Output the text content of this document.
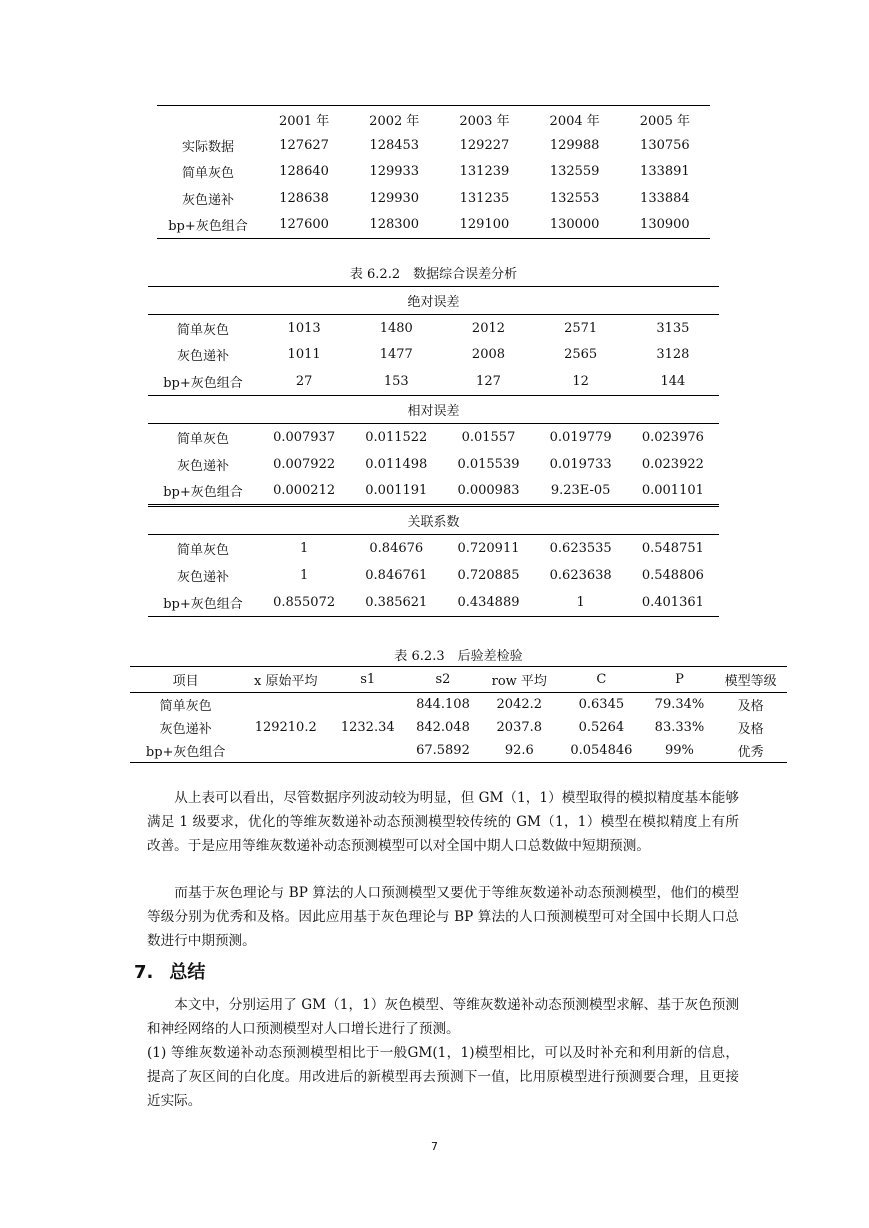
	2001 年	2002 年	2003 年	2004 年	2005 年
实际数据	127627	128453	129227	129988	130756
简单灰色	128640	129933	131239	132559	133891
灰色递补	128638	129930	131235	132553	133884
bp+灰色组合	127600	128300	129100	130000	130900
表 6.2.2　数据综合误差分析
绝对误差					
简单灰色	1013	1480	2012	2571	3135
灰色递补	1011	1477	2008	2565	3128
bp+灰色组合	27	153	127	12	144
相对误差					
简单灰色	0.007937	0.011522	0.01557	0.019779	0.023976
灰色递补	0.007922	0.011498	0.015539	0.019733	0.023922
bp+灰色组合	0.000212	0.001191	0.000983	9.23E-05	0.001101
关联系数					
简单灰色	1	0.84676	0.720911	0.623535	0.548751
灰色递补	1	0.846761	0.720885	0.623638	0.548806
bp+灰色组合	0.855072	0.385621	0.434889	1	0.401361
表 6.2.3　后验差检验
项目	x 原始平均	s1	s2	row 平均	C	P	模型等级
简单灰色	129210.2	1232.34	844.108	2042.2	0.6345	79.34%	及格
灰色递补			842.048	2037.8	0.5264	83.33%	及格
bp+灰色组合			67.5892	92.6	0.054846	99%	优秀
从上表可以看出，尽管数据序列波动较为明显，但 GM（1，1）模型取得的模拟精度基本能够满足 1 级要求，优化的等维灰数递补动态预测模型较传统的 GM（1，1）模型在模拟精度上有所改善。于是应用等维灰数递补动态预测模型可以对全国中期人口总数做中短期预测。
而基于灰色理论与 BP 算法的人口预测模型又要优于等维灰数递补动态预测模型，他们的模型等级分别为优秀和及格。因此应用基于灰色理论与 BP 算法的人口预测模型可对全国中长期人口总数进行中期预测。
7. 总结
本文中，分别运用了 GM（1，1）灰色模型、等维灰数递补动态预测模型求解、基于灰色预测和神经网络的人口预测模型对人口增长进行了预测。
(1) 等维灰数递补动态预测模型相比于一般GM(1，1)模型相比，可以及时补充和利用新的信息，提高了灰区间的白化度。用改进后的新模型再去预测下一值，比用原模型进行预测要合理，且更接近实际。
7
